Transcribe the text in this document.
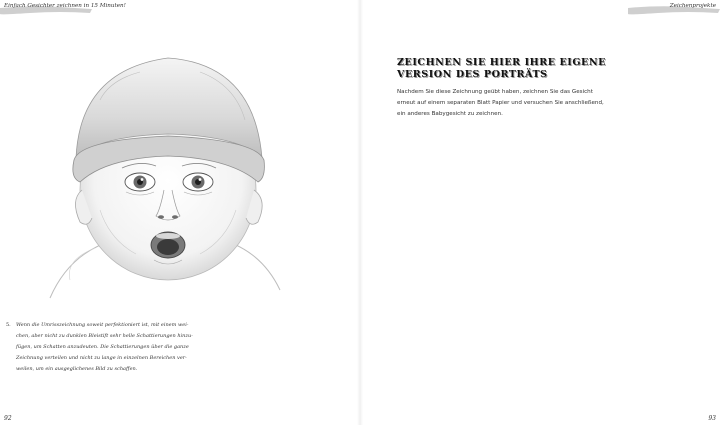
Einfach Gesichter zeichnen in 15 Minuten!
5. Wenn die Umrisszeichnung soweit perfektioniert ist, mit einem wei-
chen, aber nicht zu dunklen Bleistift sehr helle Schattierungen hinzu-
fügen, um Schatten anzudeuten. Die Schattierungen über die ganze
Zeichnung verteilen und nicht zu lange in einzelnen Bereichen ver-
weilen, um ein ausgeglichenes Bild zu schaffen.
92
Zeichenprojekte
93
ZEICHNEN SIE HIER IHRE EIGENE
VERSION DES PORTRÄTS
Nachdem Sie diese Zeichnung geübt haben, zeichnen Sie das Gesicht
erneut auf einem separaten Blatt Papier und versuchen Sie anschließend,
ein anderes Babygesicht zu zeichnen.
